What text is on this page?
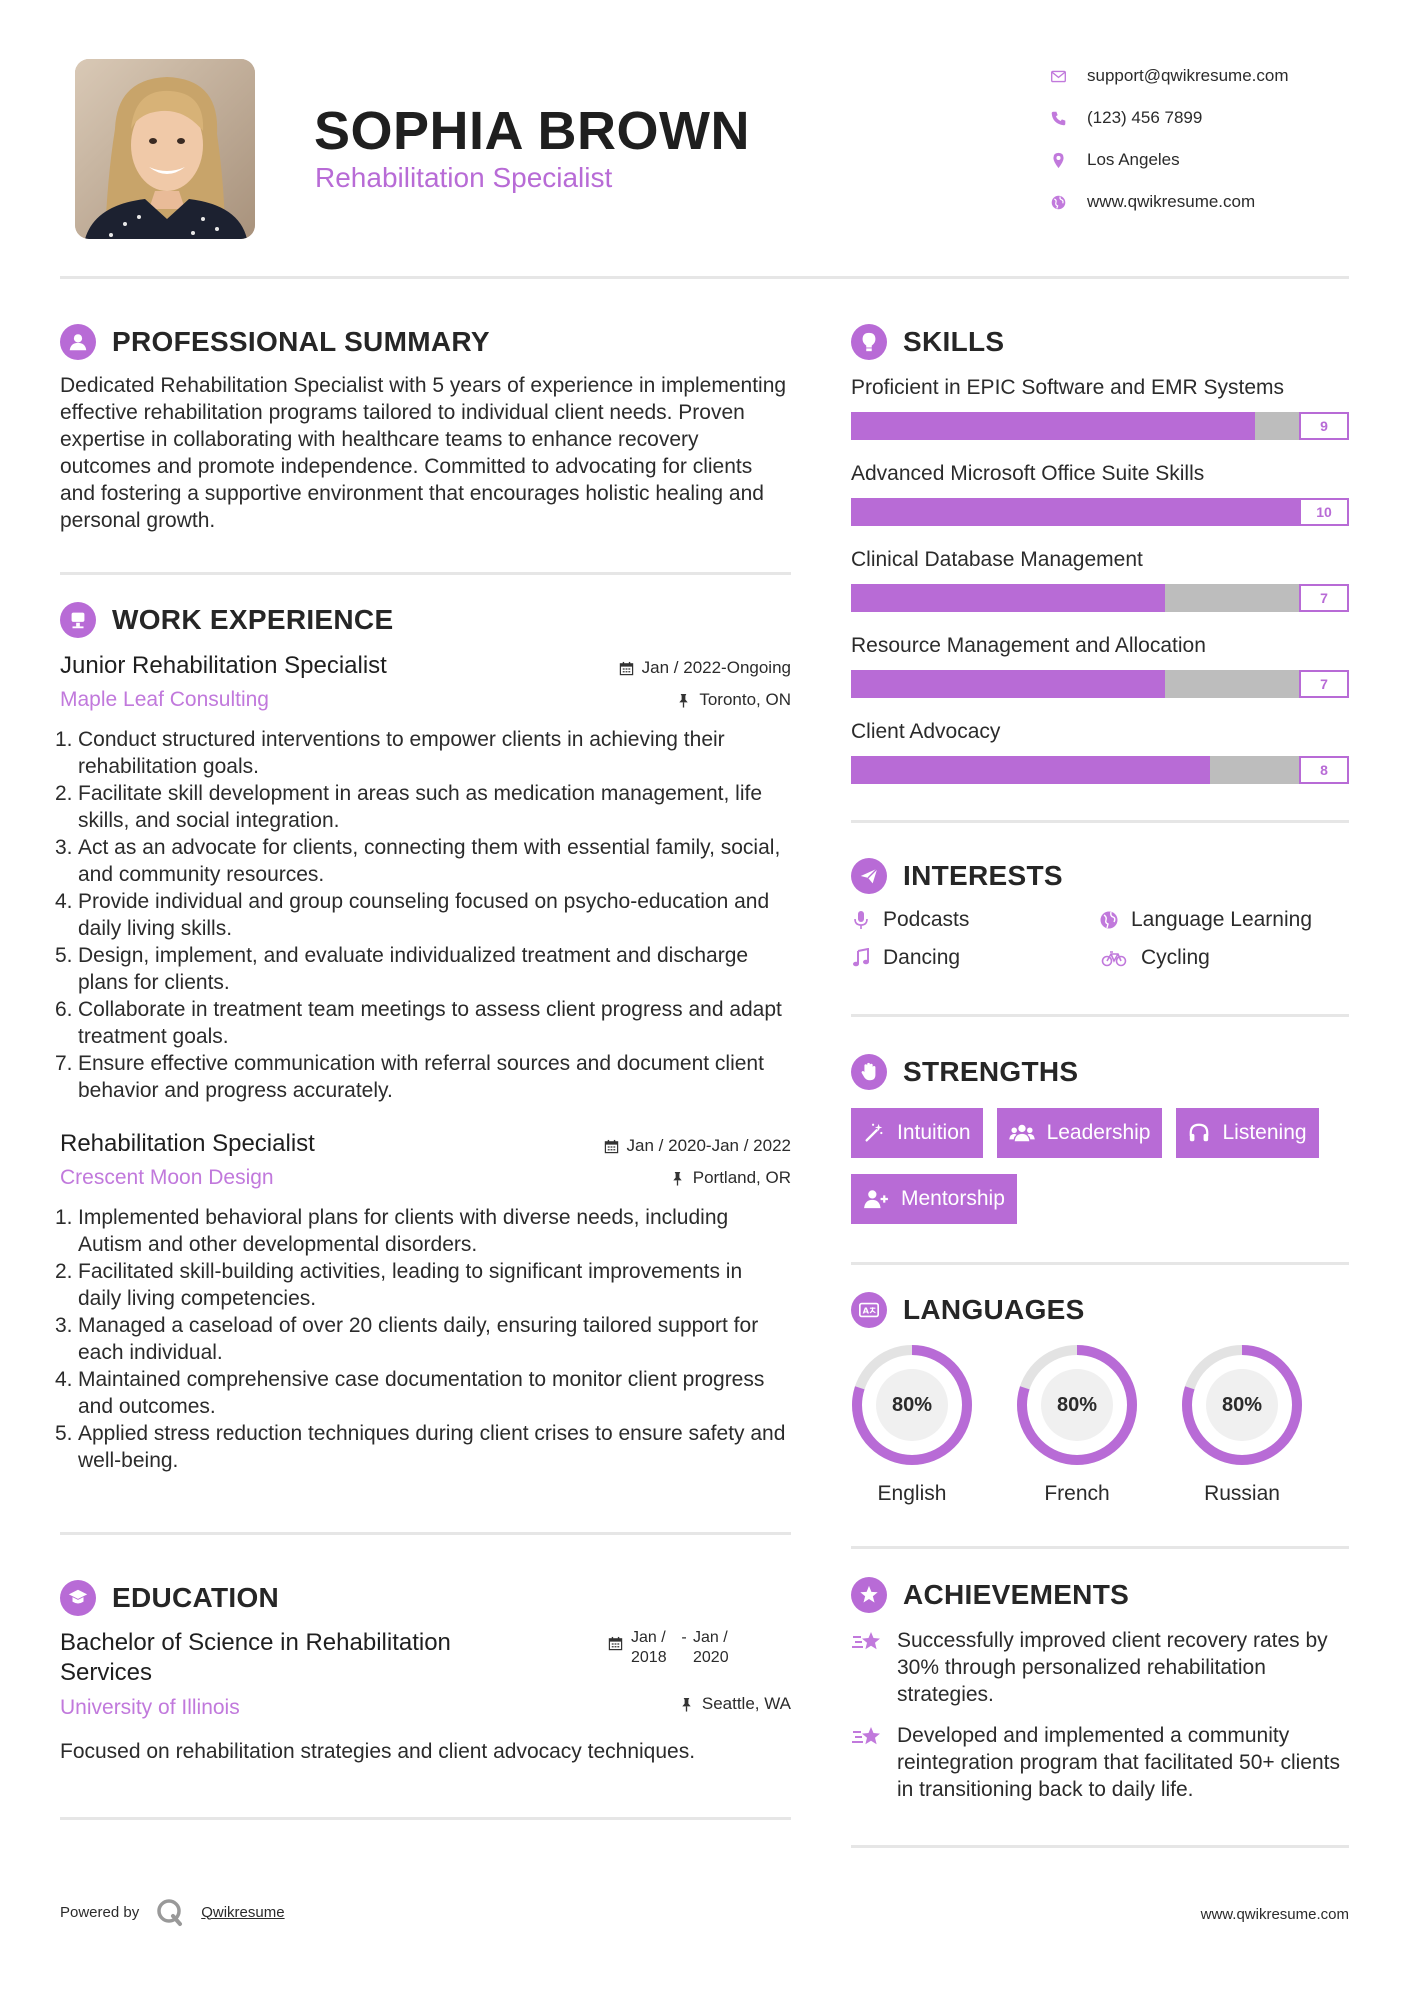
SOPHIA BROWN
Rehabilitation Specialist
support@qwikresume.com
(123) 456 7899
Los Angeles
www.qwikresume.com
PROFESSIONAL SUMMARY

Dedicated Rehabilitation Specialist with 5 years of experience in implementing effective rehabilitation programs tailored to individual client needs. Proven expertise in collaborating with healthcare teams to enhance recovery outcomes and promote independence. Committed to advocating for clients and fostering a supportive environment that encourages holistic healing and personal growth.

WORK EXPERIENCE
Junior Rehabilitation Specialist
Maple Leaf Consulting
Jan / 2022-Ongoing
Toronto, ON
1. Conduct structured interventions to empower clients in achieving their rehabilitation goals.
2. Facilitate skill development in areas such as medication management, life skills, and social integration.
3. Act as an advocate for clients, connecting them with essential family, social, and community resources.
4. Provide individual and group counseling focused on psycho-education and daily living skills.
5. Design, implement, and evaluate individualized treatment and discharge plans for clients.
6. Collaborate in treatment team meetings to assess client progress and adapt treatment goals.
7. Ensure effective communication with referral sources and document client behavior and progress accurately.
Rehabilitation Specialist
Crescent Moon Design
Jan / 2020-Jan / 2022
Portland, OR
1. Implemented behavioral plans for clients with diverse needs, including Autism and other developmental disorders.
2. Facilitated skill-building activities, leading to significant improvements in daily living competencies.
3. Managed a caseload of over 20 clients daily, ensuring tailored support for each individual.
4. Maintained comprehensive case documentation to monitor client progress and outcomes.
5. Applied stress reduction techniques during client crises to ensure safety and well-being.
EDUCATION
Bachelor of Science in Rehabilitation Services
University of Illinois
Jan / 2018
- Jan / 2020
Seattle, WA

Focused on rehabilitation strategies and client advocacy techniques.

SKILLS
Proficient in EPIC Software and EMR Systems
9
Advanced Microsoft Office Suite Skills
10
Clinical Database Management
7
Resource Management and Allocation
7
Client Advocacy
8
INTERESTS
Podcasts	Language Learning
Dancing	Cycling
STRENGTHS
Intuition	Leadership	Listening
Mentorship
A LANGUAGES
80%
English
80%
French
80%
Russian
ACHIEVEMENTS

Successfully improved client recovery rates by 30% through personalized rehabilitation strategies.

Developed and implemented a community reintegration program that facilitated 50+ clients in transitioning back to daily life.

Powered by	Qwikresume	www.qwikresume.com
